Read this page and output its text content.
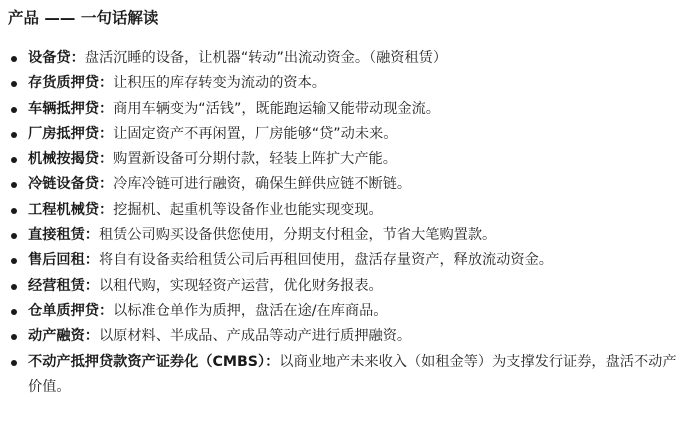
产品 —— 一句话解读
设备贷：盘活沉睡的设备，让机器“转动”出流动资金。（融资租赁）
存货质押贷：让积压的库存转变为流动的资本。
车辆抵押贷：商用车辆变为“活钱”，既能跑运输又能带动现金流。
厂房抵押贷：让固定资产不再闲置，厂房能够“贷”动未来。
机械按揭贷：购置新设备可分期付款，轻装上阵扩大产能。
冷链设备贷：冷库冷链可进行融资，确保生鲜供应链不断链。
工程机械贷：挖掘机、起重机等设备作业也能实现变现。
直接租赁：租赁公司购买设备供您使用，分期支付租金，节省大笔购置款。
售后回租：将自有设备卖给租赁公司后再租回使用，盘活存量资产，释放流动资金。
经营租赁：以租代购，实现轻资产运营，优化财务报表。
仓单质押贷：以标准仓单作为质押，盘活在途/在库商品。
动产融资：以原材料、半成品、产成品等动产进行质押融资。
不动产抵押贷款资产证券化（CMBS）：以商业地产未来收入（如租金等）为支撑发行证券，盘活不动产价值。
